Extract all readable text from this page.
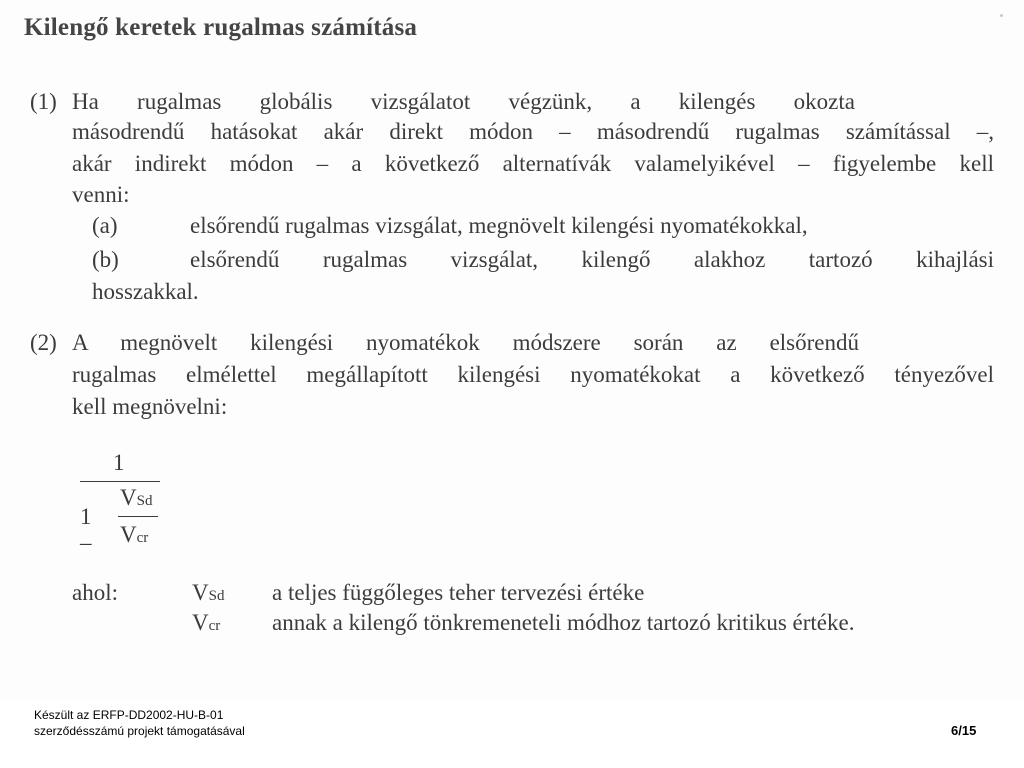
Kilengő keretek rugalmas számítása
(1) Ha rugalmas globális vizsgálatot végzünk, a kilengés okozta
másodrendű hatásokat akár direkt módon – másodrendű rugalmas számítással –,
akár indirekt módon – a következő alternatívák valamelyikével – figyelembe kell
venni:
(a)	elsőrendű rugalmas vizsgálat, megnövelt kilengési nyomatékokkal,
(b)	elsőrendű rugalmas vizsgálat, kilengő alakhoz tartozó kihajlási
hosszakkal.
(2) A megnövelt kilengési nyomatékok módszere során az elsőrendű
rugalmas elmélettel megállapított kilengési nyomatékokat a következő tényezővel
kell megnövelni:
1
1 –
VSd
Vcr
ahol:	VSd a teljes függőleges teher tervezési értéke
Vcr annak a kilengő tönkremeneteli módhoz tartozó kritikus értéke.
Készült az ERFP-DD2002-HU-B-01
szerződésszámú projekt támogatásával	6/15
